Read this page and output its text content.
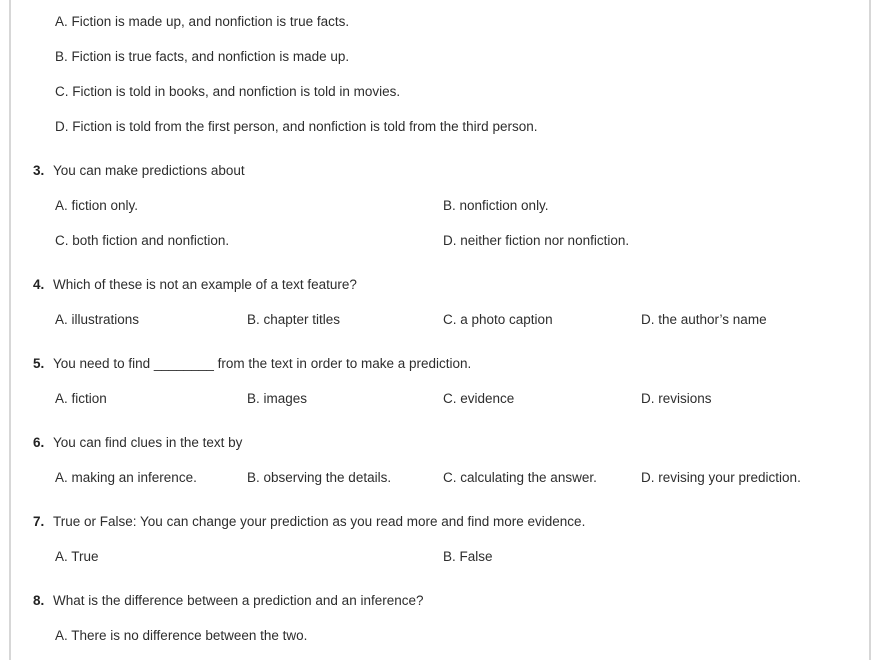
A. Fiction is made up, and nonfiction is true facts.
B. Fiction is true facts, and nonfiction is made up.
C. Fiction is told in books, and nonfiction is told in movies.
D. Fiction is told from the first person, and nonfiction is told from the third person.
3. You can make predictions about
A. fiction only.	B. nonfiction only.
C. both fiction and nonfiction.	D. neither fiction nor nonfiction.
4. Which of these is not an example of a text feature?
A. illustrations	B. chapter titles	C. a photo caption	D. the author’s name
5. You need to find ________ from the text in order to make a prediction.
A. fiction	B. images	C. evidence	D. revisions
6. You can find clues in the text by
A. making an inference.	B. observing the details.	C. calculating the answer.	D. revising your prediction.
7. True or False: You can change your prediction as you read more and find more evidence.
A. True	B. False
8. What is the difference between a prediction and an inference?
A. There is no difference between the two.
